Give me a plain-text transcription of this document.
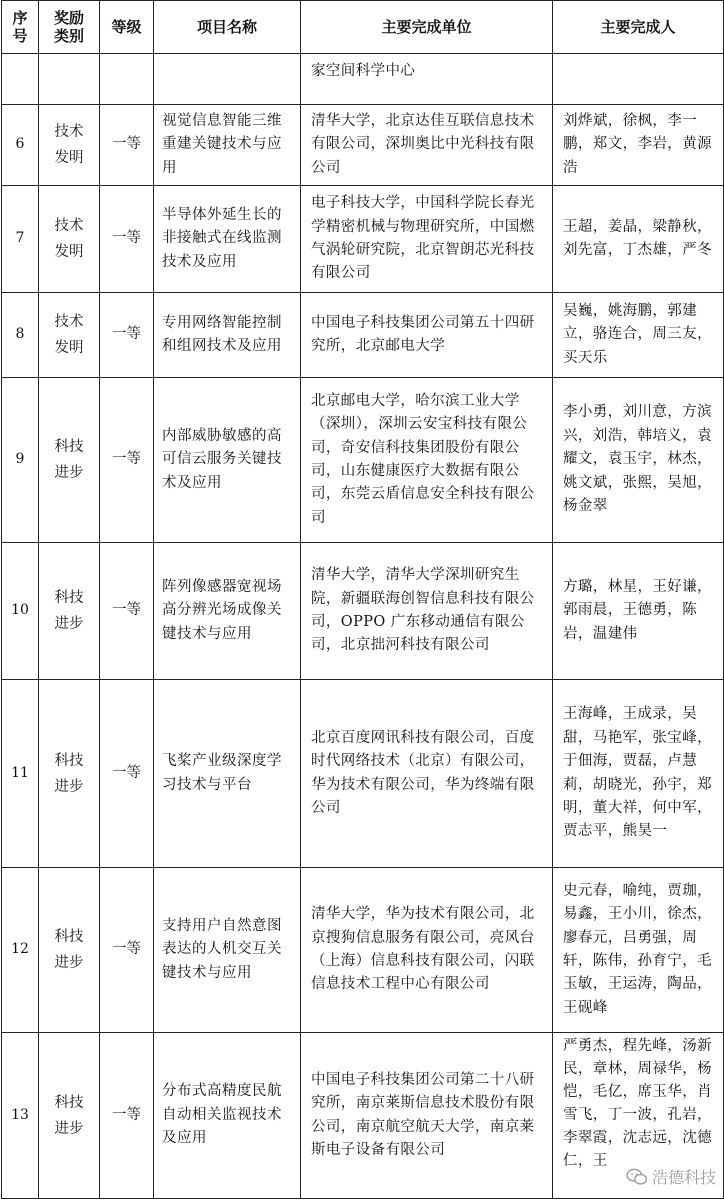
序号	奖励类别	等级	项目名称	主要完成单位	主要完成人

				家空间科学中心	

6	技术发明	一等	视觉信息智能三维重建关键技术与应用	清华大学，北京达佳互联信息技术有限公司，深圳奥比中光科技有限公司	刘烨斌，徐枫，李一鹏，郑文，李岩，黄源浩

7	技术发明	一等	半导体外延生长的非接触式在线监测技术及应用	电子科技大学，中国科学院长春光学精密机械与物理研究所，中国燃气涡轮研究院，北京智朗芯光科技有限公司	王超，姜晶，梁静秋，刘先富，丁杰雄，严冬

8	技术发明	一等	专用网络智能控制和组网技术及应用	中国电子科技集团公司第五十四研究所，北京邮电大学	吴巍，姚海鹏，郭建立，骆连合，周三友，买天乐

9	科技进步	一等	内部威胁敏感的高可信云服务关键技术及应用	北京邮电大学，哈尔滨工业大学（深圳），深圳云安宝科技有限公司，奇安信科技集团股份有限公司，山东健康医疗大数据有限公司，东莞云盾信息安全科技有限公司	李小勇，刘川意，方滨兴，刘浩，韩培义，袁耀文，袁玉宇，林杰，姚文斌，张熙，吴旭，杨金翠

10	科技进步	一等	阵列像感器宽视场高分辨光场成像关键技术与应用	清华大学，清华大学深圳研究生院，新疆联海创智信息科技有限公司，OPPO 广东移动通信有限公司，北京拙河科技有限公司	方璐，林星，王好谦，郭雨晨，王德勇，陈岩，温建伟

11	科技进步	一等	飞桨产业级深度学习技术与平台	北京百度网讯科技有限公司，百度时代网络技术（北京）有限公司，华为技术有限公司，华为终端有限公司	王海峰，王成录，吴甜，马艳军，张宝峰，于佃海，贾磊，卢慧莉，胡晓光，孙宇，郑明，董大祥，何中军，贾志平，熊昊一

12	科技进步	一等	支持用户自然意图表达的人机交互关键技术与应用	清华大学，华为技术有限公司，北京搜狗信息服务有限公司，亮风台（上海）信息科技有限公司，闪联信息技术工程中心有限公司	史元春，喻纯，贾珈，易鑫，王小川，徐杰，廖春元，吕勇强，周轩，陈伟，孙育宁，毛玉敏，王运涛，陶品，王砚峰

13	科技进步	一等	分布式高精度民航自动相关监视技术及应用	中国电子科技集团公司第二十八研究所，南京莱斯信息技术股份有限公司，南京航空航天大学，南京莱斯电子设备有限公司	严勇杰，程先峰，汤新民，章林，周禄华，杨恺，毛亿，席玉华，肖雪飞，丁一波，孔岩，李翠霞，沈志远，沈德仁，王
浩德科技
